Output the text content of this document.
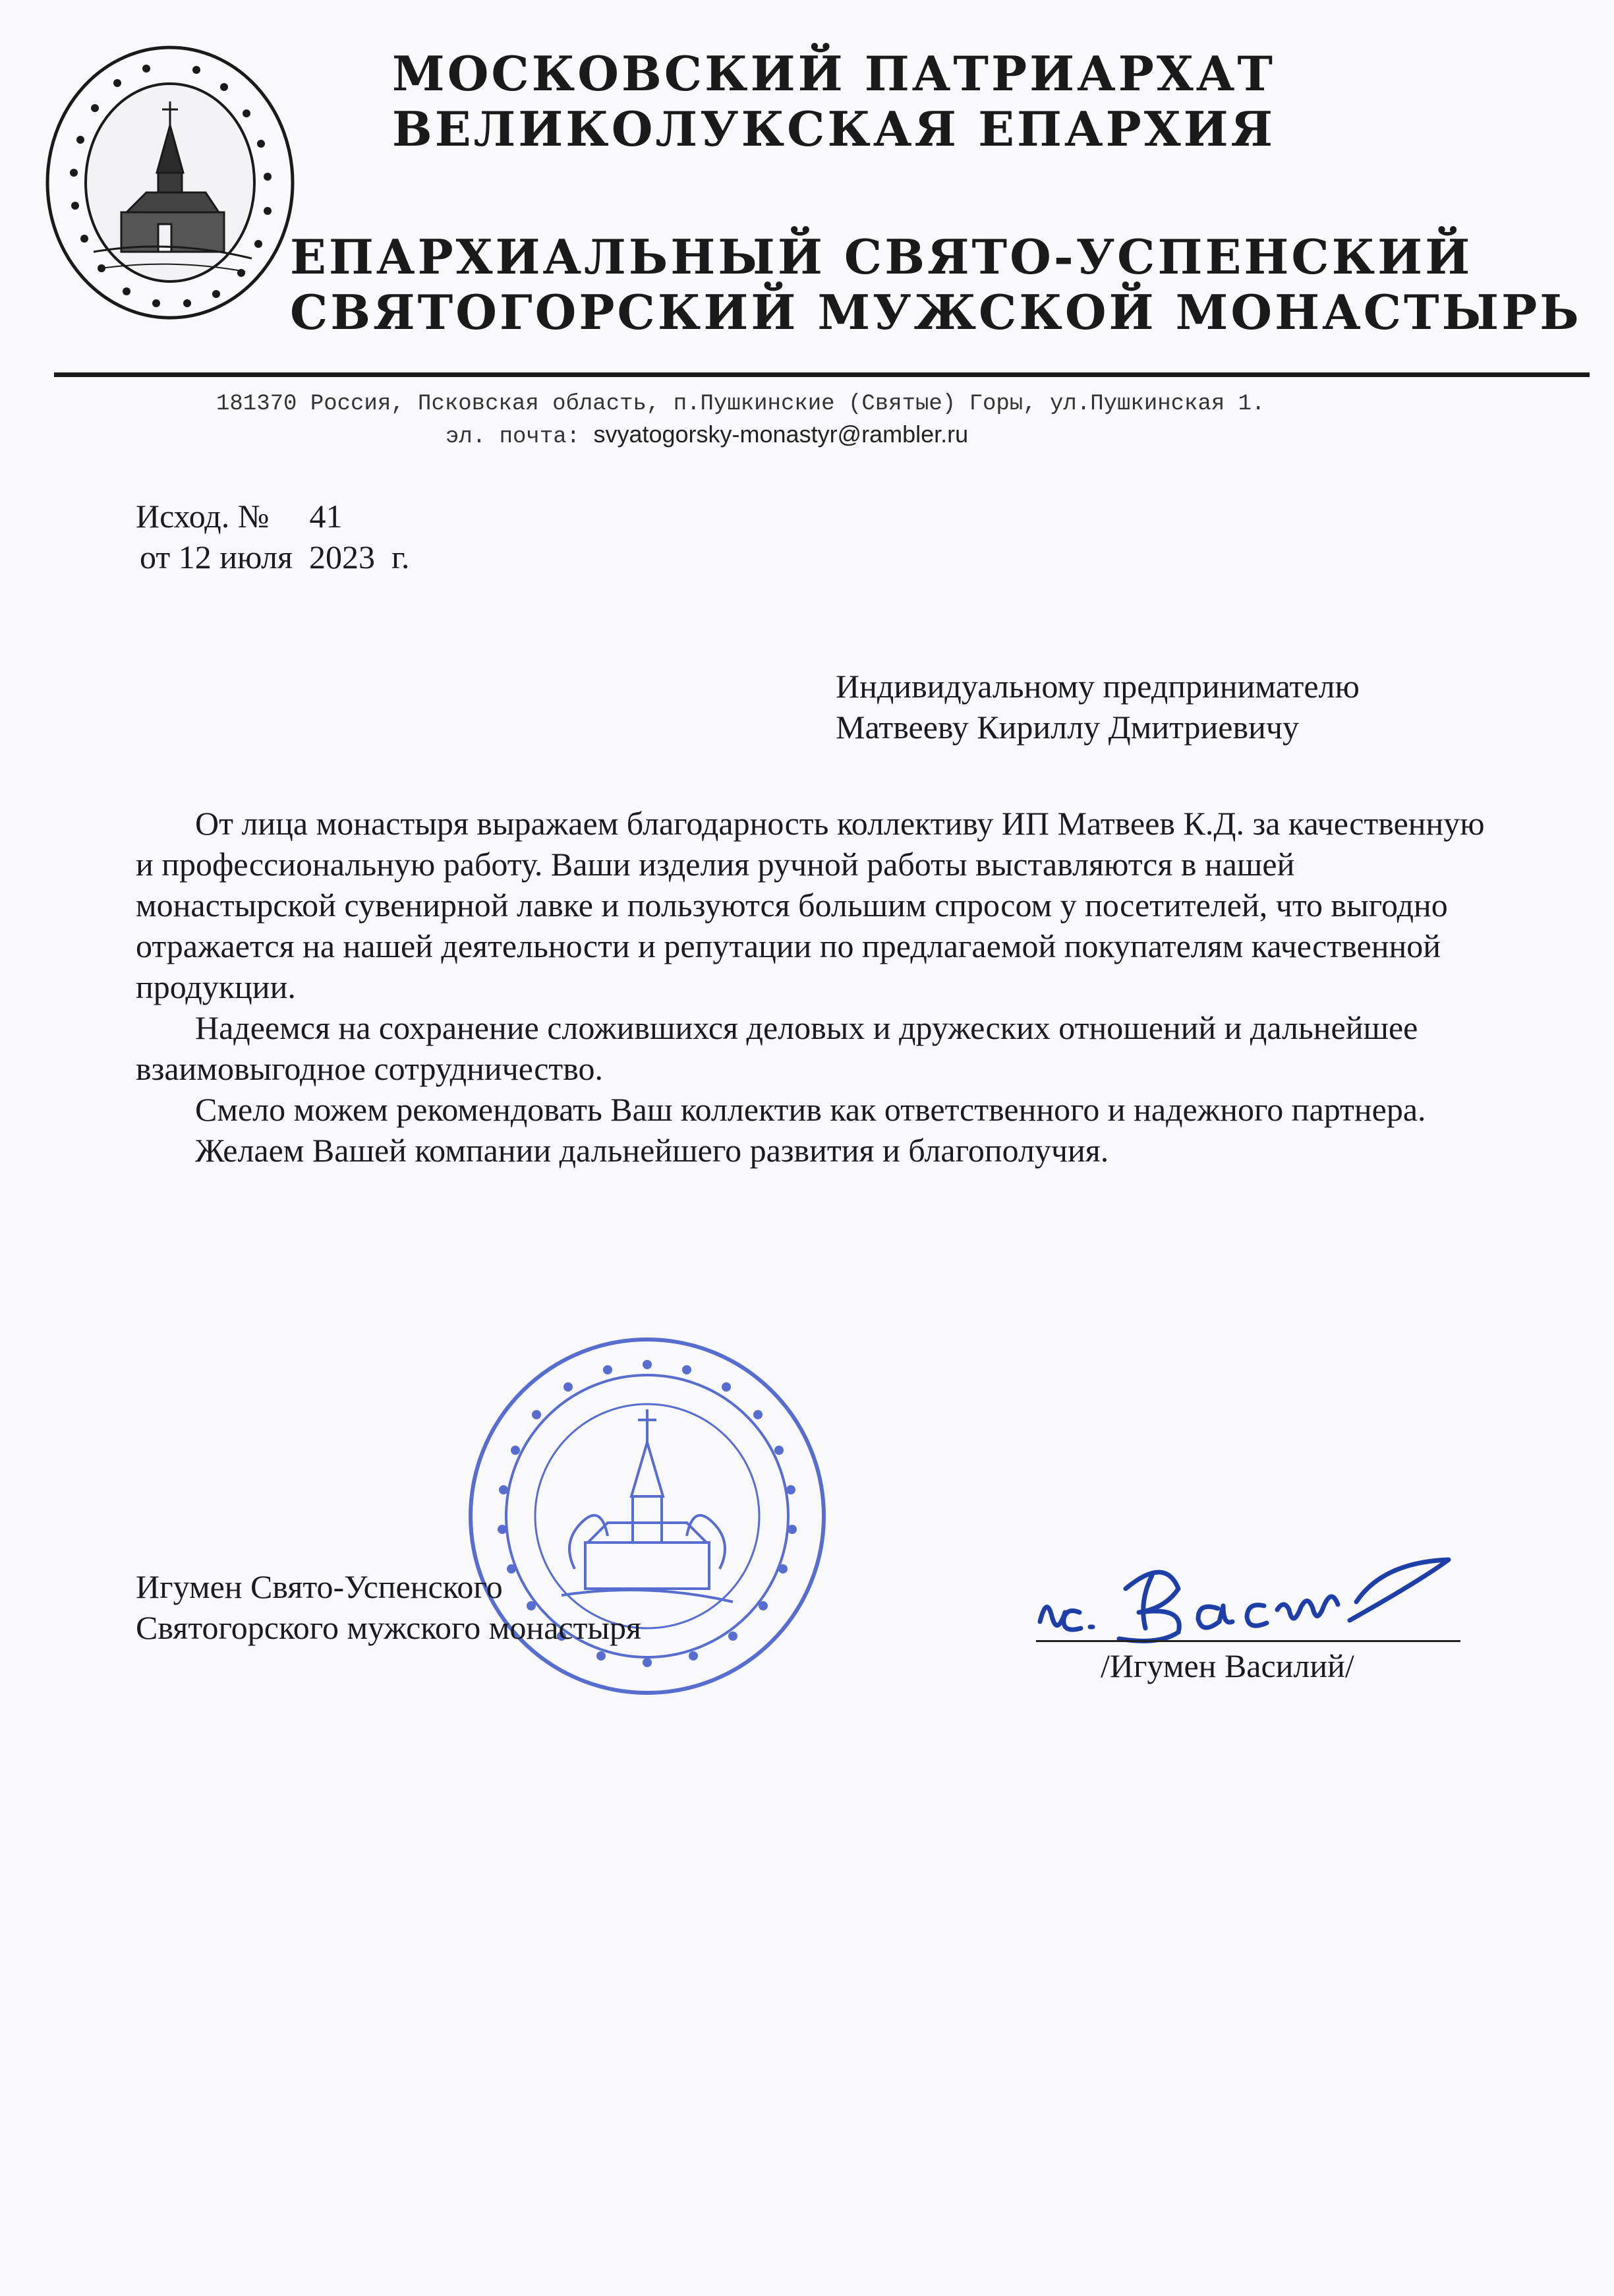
МОСКОВСКИЙ ПАТРИАРХАТ
ВЕЛИКОЛУКСКАЯ ЕПАРХИЯ
ЕПАРХИАЛЬНЫЙ СВЯТО-УСПЕНСКИЙ
СВЯТОГОРСКИЙ МУЖСКОЙ МОНАСТЫРЬ
181370 Россия, Псковская область, п.Пушкинские (Святые) Горы, ул.Пушкинская 1.
эл. почта: svyatogorsky-monastyr@rambler.ru
Исход. № 41
от 12 июля  2023  г.
Индивидуальному предпринимателю
Матвееву Кириллу Дмитриевичу

От лица монастыря выражаем благодарность коллективу ИП Матвеев К.Д. за качественную и профессиональную работу. Ваши изделия ручной работы выставляются в нашей монастырской сувенирной лавке и пользуются большим спросом у посетителей, что выгодно отражается на нашей деятельности и репутации по предлагаемой покупателям качественной продукции.

Надеемся на сохранение сложившихся деловых и дружеских отношений и дальнейшее взаимовыгодное сотрудничество.

Смело можем рекомендовать Ваш коллектив как ответственного и надежного партнера.

Желаем Вашей компании дальнейшего развития и благополучия.

Игумен Свято-Успенского
Святогорского мужского монастыря
/Игумен Василий/
